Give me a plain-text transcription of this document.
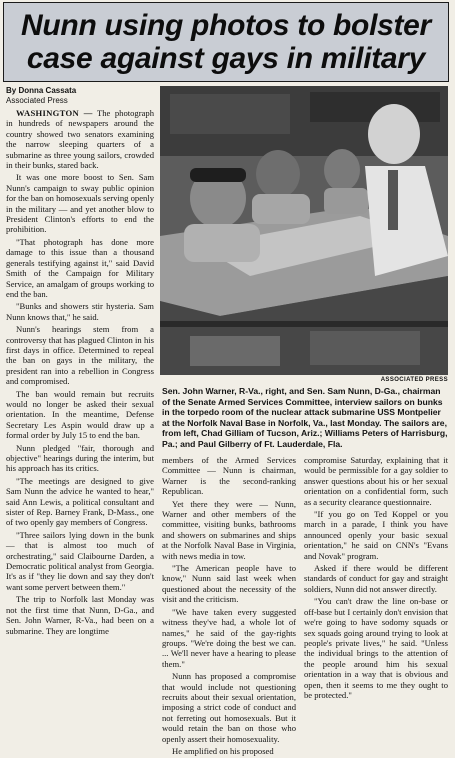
Nunn using photos to bolster case against gays in military
By Donna Cassata
Associated Press

WASHINGTON — The photograph in hundreds of newspapers around the country showed two senators examining the narrow sleeping quarters of a submarine as three young sailors, crowded in their bunks, stared back.

It was one more boost to Sen. Sam Nunn's campaign to sway public opinion for the ban on homosexuals serving openly in the military — and yet another blow to President Clinton's efforts to end the prohibition.

"That photograph has done more damage to this issue than a thousand generals testifying against it," said David Smith of the Campaign for Military Service, an amalgam of groups working to end the ban.

"Bunks and showers stir hysteria. Sam Nunn knows that," he said.

Nunn's hearings stem from a controversy that has plagued Clinton in his first days in office. Determined to repeal the ban on gays in the military, the president ran into a rebellion in Congress and compromised.

The ban would remain but recruits would no longer be asked their sexual orientation. In the meantime, Defense Secretary Les Aspin would draw up a formal order by July 15 to end the ban.

Nunn pledged "fair, thorough and objective" hearings during the interim, but his approach has its critics.

"The meetings are designed to give Sam Nunn the advice he wanted to hear," said Ann Lewis, a political consultant and sister of Rep. Barney Frank, D-Mass., one of two openly gay members of Congress.

"Three sailors lying down in the bunk — that is almost too much of orchestrating," said Claibourne Darden, a Democratic political analyst from Georgia. It's as if "they lie down and say they don't want some pervert between them."

The trip to Norfolk last Monday was not the first time that Nunn, D-Ga., and Sen. John Warner, R-Va., had been on a submarine. They are longtime

ASSOCIATED PRESS
Sen. John Warner, R-Va., right, and Sen. Sam Nunn, D-Ga., chairman of the Senate Armed Services Committee, interview sailors on bunks in the torpedo room of the nuclear attack submarine USS Montpelier at the Norfolk Naval Base in Norfolk, Va., last Monday. The sailors are, from left, Chad Gilliam of Tucson, Ariz.; Williams Peters of Harrisburg, Pa.; and Paul Gilberry of Ft. Lauderdale, Fla.

members of the Armed Services Committee — Nunn is chairman, Warner is the second-ranking Republican.

Yet there they were — Nunn, Warner and other members of the committee, visiting bunks, bathrooms and showers on submarines and ships at the Norfolk Naval Base in Virginia, with news media in tow.

"The American people have to know," Nunn said last week when questioned about the necessity of the visit and the criticism.

"We have taken every suggested witness they've had, a whole lot of names," he said of the gay-rights groups. "We're doing the best we can. ... We'll never have a hearing to please them."

Nunn has proposed a compromise that would include not questioning recruits about their sexual orientation, imposing a strict code of conduct and not ferreting out homosexuals. But it would retain the ban on those who openly assert their homosexuality.

He amplified on his proposed

compromise Saturday, explaining that it would be permissible for a gay soldier to answer questions about his or her sexual orientation on a confidential form, such as a security clearance questionnaire.

"If you go on Ted Koppel or you march in a parade, I think you have announced openly your basic sexual orientation," he said on CNN's "Evans and Novak" program.

Asked if there would be different standards of conduct for gay and straight soldiers, Nunn did not answer directly.

"You can't draw the line on-base or off-base but I certainly don't envision that we're going to have sodomy squads or sex squads going around trying to look at people's private lives," he said. "Unless the individual brings to the attention of the people around him his sexual orientation in a way that is obvious and open, then it seems to me they ought to be protected."
